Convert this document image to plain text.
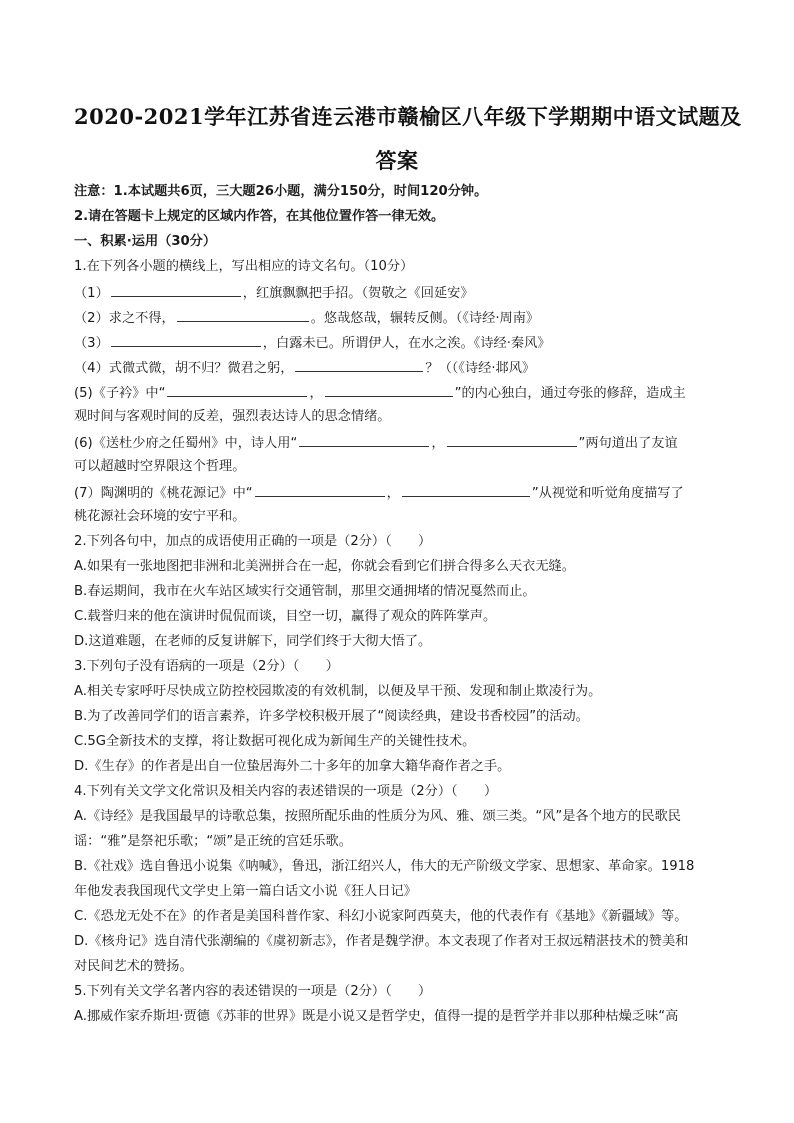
2020-2021学年江苏省连云港市赣榆区八年级下学期期中语文试题及
答案
注意：1.本试题共6页，三大题26小题，满分150分，时间120分钟。
2.请在答题卡上规定的区域内作答，在其他位置作答一律无效。
一、积累·运用（30分）
1.在下列各小题的横线上，写出相应的诗文名句。（10分）
（1）	，红旗飘飘把手招。（贺敬之《回延安》
（2）求之不得，	。悠哉悠哉，辗转反侧。（《诗经·周南》
（3）	，白露未已。所谓伊人，在水之涘。《诗经·秦风》
（4）式微式微，胡不归？微君之躬，	？（（《诗经·邶风》
(5)《子衿》中“	，	”的内心独白，通过夸张的修辞，造成主
观时间与客观时间的反差，强烈表达诗人的思念情绪。
(6)《送杜少府之任蜀州》中，诗人用“	，	”两句道出了友谊
可以超越时空界限这个哲理。
(7）陶渊明的《桃花源记》中“	，	”从视觉和听觉角度描写了
桃花源社会环境的安宁平和。
2.下列各句中，加点的成语使用正确的一项是（2分）（　　）
A.如果有一张地图把非洲和北美洲拼合在一起，你就会看到它们拼合得多么天衣无缝。
B.春运期间，我市在火车站区域实行交通管制，那里交通拥堵的情况戛然而止。
C.载誉归来的他在演讲时侃侃而谈，目空一切，赢得了观众的阵阵掌声。
D.这道难题，在老师的反复讲解下，同学们终于大彻大悟了。
3.下列句子没有语病的一项是（2分）（　　）
A.相关专家呼吁尽快成立防控校园欺凌的有效机制，以便及早干预、发现和制止欺凌行为。
B.为了改善同学们的语言素养，许多学校积极开展了“阅读经典，建设书香校园”的活动。
C.5G全新技术的支撑，将让数据可视化成为新闻生产的关键性技术。
D.《生存》的作者是出自一位蛰居海外二十多年的加拿大籍华裔作者之手。
4.下列有关文学文化常识及相关内容的表述错误的一项是（2分）（　　）
A.《诗经》是我国最早的诗歌总集，按照所配乐曲的性质分为风、雅、颂三类。“风”是各个地方的民歌民
谣：“雅”是祭祀乐歌；“颂”是正统的宫廷乐歌。
B.《社戏》选自鲁迅小说集《呐喊》，鲁迅，浙江绍兴人，伟大的无产阶级文学家、思想家、革命家。1918
年他发表我国现代文学史上第一篇白话文小说《狂人日记》
C.《恐龙无处不在》的作者是美国科普作家、科幻小说家阿西莫夫，他的代表作有《基地》《新疆域》等。
D.《核舟记》选自清代张潮编的《虞初新志》，作者是魏学洢。本文表现了作者对王叔远精湛技术的赞美和
对民间艺术的赞扬。
5.下列有关文学名著内容的表述错误的一项是（2分）（　　）
A.挪威作家乔斯坦·贾德《苏菲的世界》既是小说又是哲学史，值得一提的是哲学并非以那种枯燥乏味“高
